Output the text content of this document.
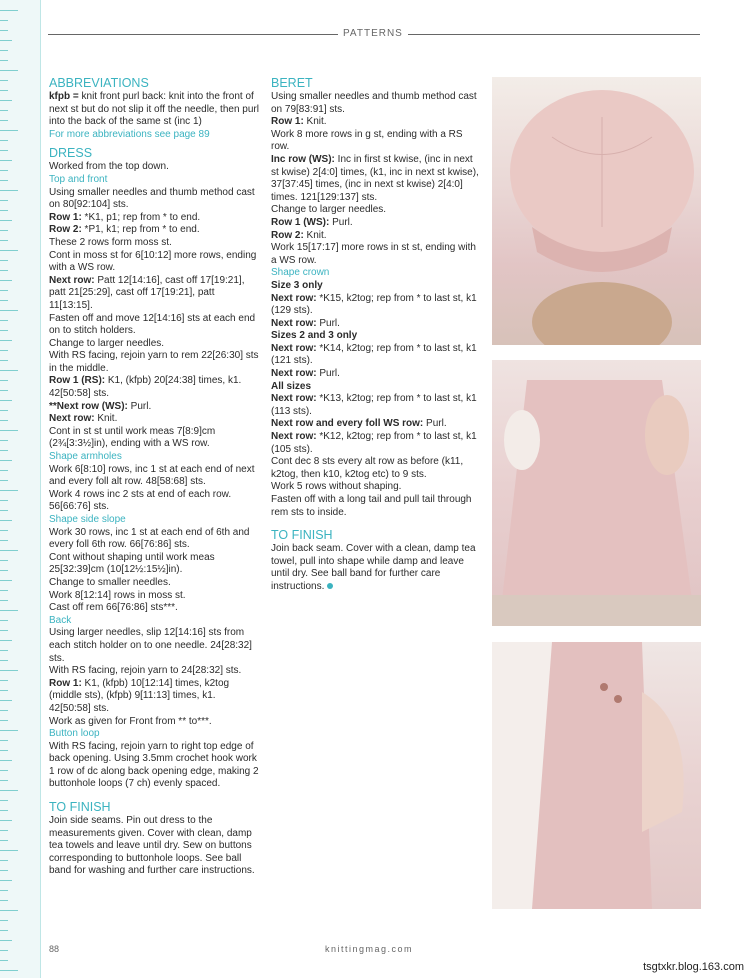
PATTERNS
ABBREVIATIONS

kfpb = knit front purl back: knit into the front of next st but do not slip it off the needle, then purl into the back of the same st (inc 1)

For more abbreviations see page 89

DRESS

Worked from the top down.

Top and front

Using smaller needles and thumb method cast on 80[92:104] sts.

Row 1: *K1, p1; rep from * to end.

Row 2: *P1, k1; rep from * to end.

These 2 rows form moss st.

Cont in moss st for 6[10:12] more rows, ending with a WS row.

Next row: Patt 12[14:16], cast off 17[19:21], patt 21[25:29], cast off 17[19:21], patt 11[13:15].

Fasten off and move 12[14:16] sts at each end on to stitch holders.

Change to larger needles.

With RS facing, rejoin yarn to rem 22[26:30] sts in the middle.

Row 1 (RS): K1, (kfpb) 20[24:38] times, k1. 42[50:58] sts.

**Next row (WS): Purl.

Next row: Knit.

Cont in st st until work meas 7[8:9]cm (2¾[3:3½]in), ending with a WS row.

Shape armholes

Work 6[8:10] rows, inc 1 st at each end of next and every foll alt row. 48[58:68] sts.

Work 4 rows inc 2 sts at end of each row. 56[66:76] sts.

Shape side slope

Work 30 rows, inc 1 st at each end of 6th and every foll 6th row. 66[76:86] sts.

Cont without shaping until work meas 25[32:39]cm (10[12½:15½]in).

Change to smaller needles.

Work 8[12:14] rows in moss st.

Cast off rem 66[76:86] sts***.

Back

Using larger needles, slip 12[14:16] sts from each stitch holder on to one needle. 24[28:32] sts.

With RS facing, rejoin yarn to 24[28:32] sts.

Row 1: K1, (kfpb) 10[12:14] times, k2tog (middle sts), (kfpb) 9[11:13] times, k1. 42[50:58] sts.

Work as given for Front from ** to***.

Button loop

With RS facing, rejoin yarn to right top edge of back opening. Using 3.5mm crochet hook work 1 row of dc along back opening edge, making 2 buttonhole loops (7 ch) evenly spaced.

TO FINISH

Join side seams. Pin out dress to the measurements given. Cover with clean, damp tea towels and leave until dry. Sew on buttons corresponding to buttonhole loops. See ball band for washing and further care instructions.

BERET

Using smaller needles and thumb method cast on 79[83:91] sts.

Row 1: Knit.

Work 8 more rows in g st, ending with a RS row.

Inc row (WS): Inc in first st kwise, (inc in next st kwise) 2[4:0] times, (k1, inc in next st kwise), 37[37:45] times, (inc in next st kwise) 2[4:0] times. 121[129:137] sts.

Change to larger needles.

Row 1 (WS): Purl.

Row 2: Knit.

Work 15[17:17] more rows in st st, ending with a WS row.

Shape crown

Size 3 only

Next row: *K15, k2tog; rep from * to last st, k1 (129 sts).

Next row: Purl.

Sizes 2 and 3 only

Next row: *K14, k2tog; rep from * to last st, k1 (121 sts).

Next row: Purl.

All sizes

Next row: *K13, k2tog; rep from * to last st, k1 (113 sts).

Next row and every foll WS row: Purl.

Next row: *K12, k2tog; rep from * to last st, k1 (105 sts).

Cont dec 8 sts every alt row as before (k11, k2tog, then k10, k2tog etc) to 9 sts.

Work 5 rows without shaping.

Fasten off with a long tail and pull tail through rem sts to inside.

TO FINISH

Join back seam. Cover with a clean, damp tea towel, pull into shape while damp and leave until dry. See ball band for further care instructions.

88	knittingmag.com
tsgtxkr.blog.163.com
